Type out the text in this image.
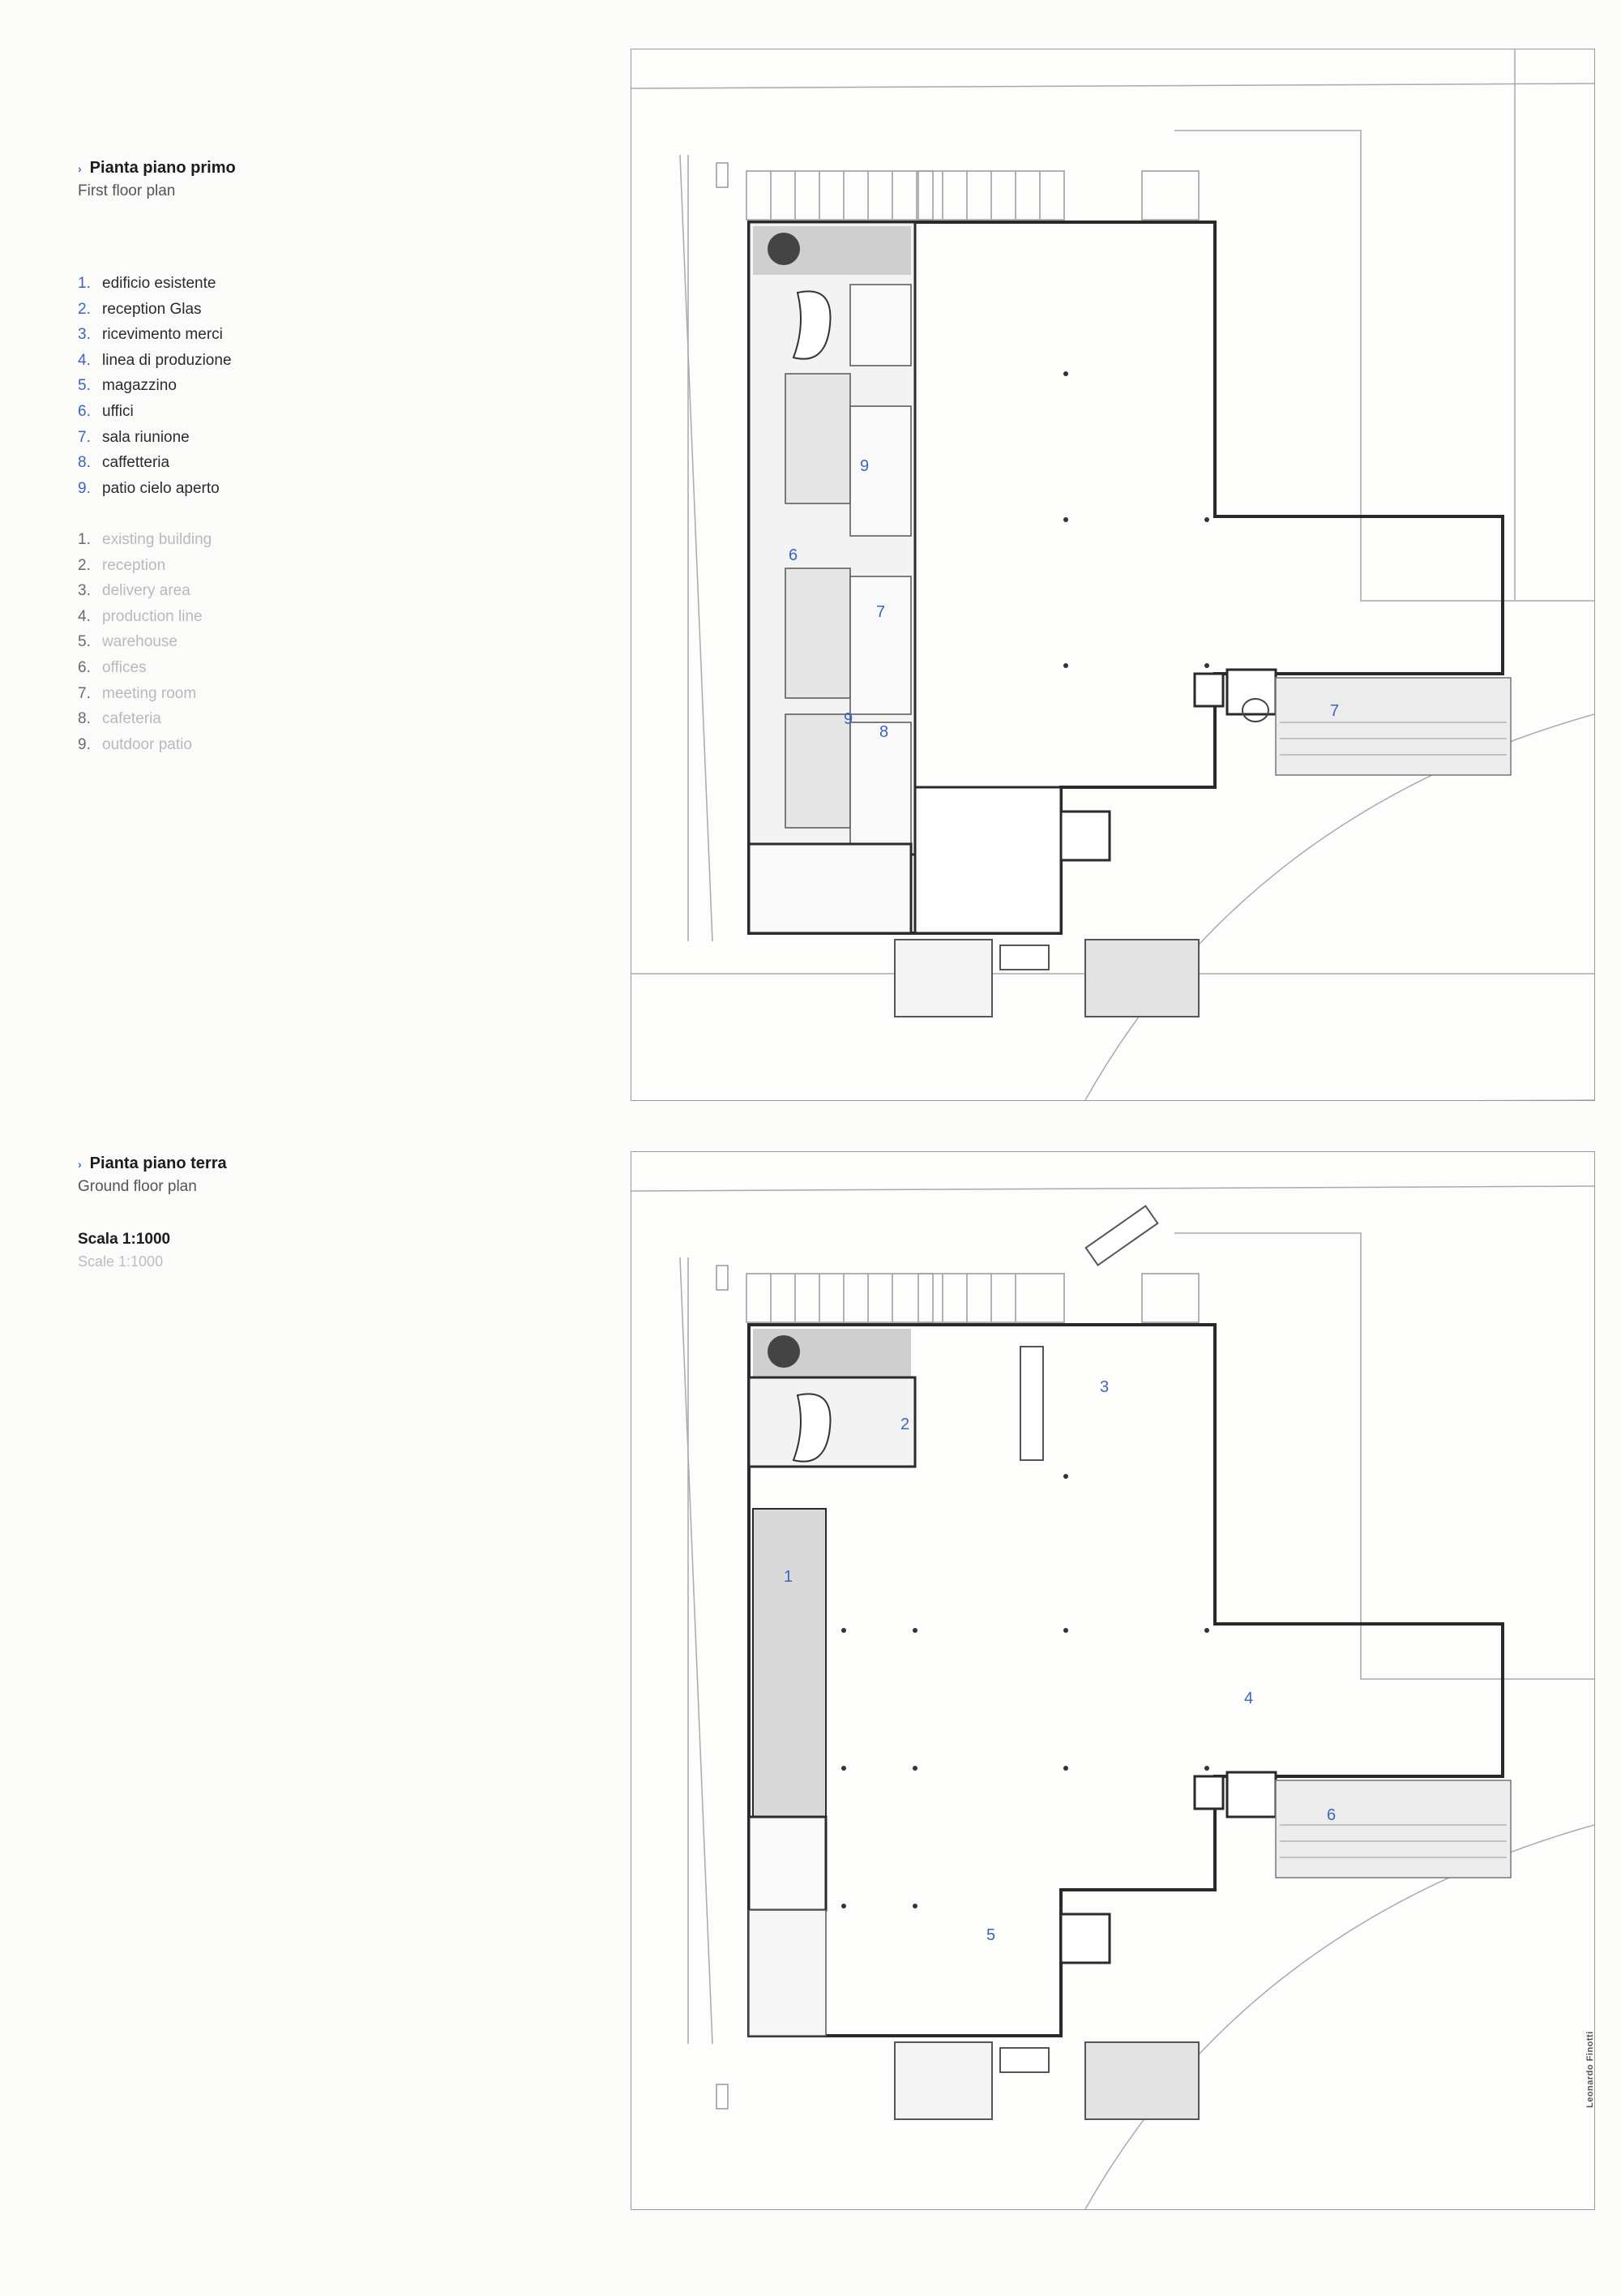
› Pianta piano primo

First floor plan

1. edificio esistente
2. reception Glas
3. ricevimento merci
4. linea di produzione
5. magazzino
6. uffici
7. sala riunione
8. caffetteria
9. patio cielo aperto
1. existing building
2. reception
3. delivery area
4. production line
5. warehouse
6. offices
7. meeting room
8. cafeteria
9. outdoor patio

› Pianta piano terra

Ground floor plan

Scala 1:1000

Scale 1:1000

9
6
7
9
8
7
3
2
1
4
6
5
Leonardo Finotti
